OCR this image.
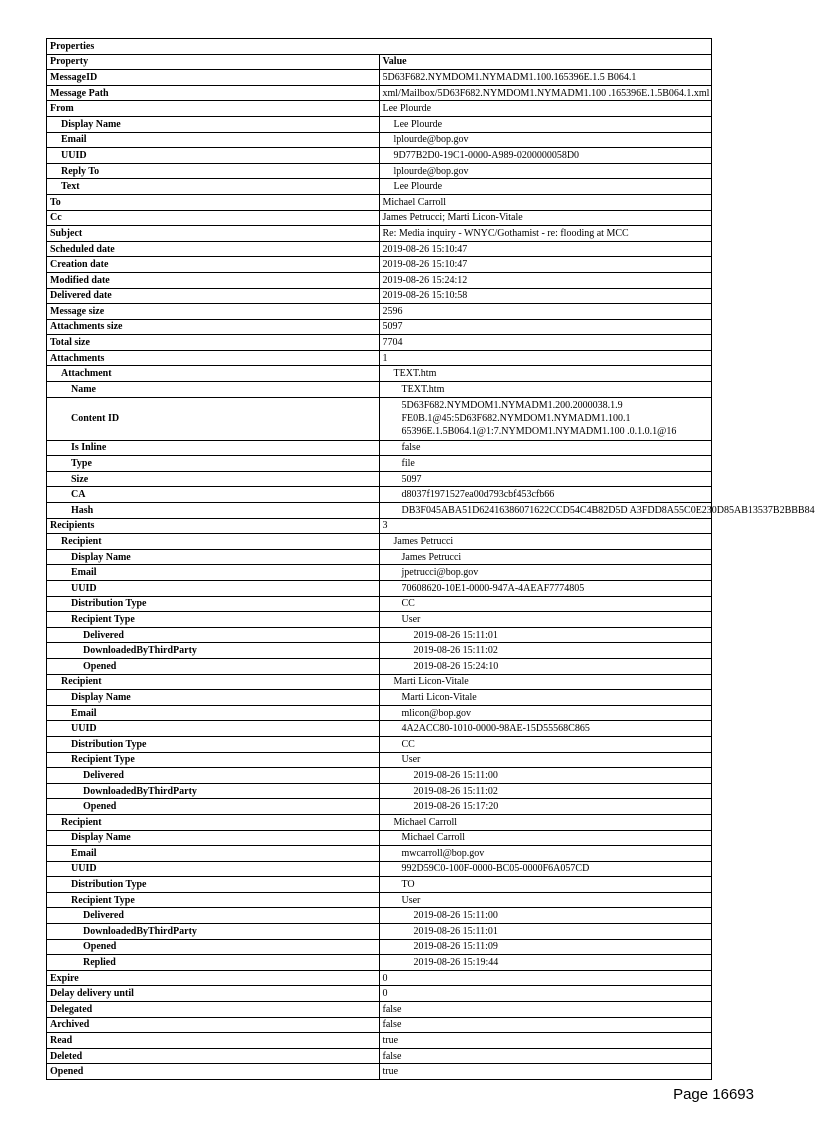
Properties	
Property	Value
MessageID	5D63F682.NYMDOM1.NYMADM1.100.165396E.1.5 B064.1
Message Path	xml/Mailbox/5D63F682.NYMDOM1.NYMADM1.100 .165396E.1.5B064.1.xml
From	Lee Plourde
Display Name	Lee Plourde
Email	lplourde@bop.gov
UUID	9D77B2D0-19C1-0000-A989-0200000058D0
Reply To	lplourde@bop.gov
Text	Lee Plourde
To	Michael Carroll
Cc	James Petrucci; Marti Licon-Vitale
Subject	Re: Media inquiry - WNYC/Gothamist - re: flooding at MCC
Scheduled date	2019-08-26 15:10:47
Creation date	2019-08-26 15:10:47
Modified date	2019-08-26 15:24:12
Delivered date	2019-08-26 15:10:58
Message size	2596
Attachments size	5097
Total size	7704
Attachments	1
Attachment	TEXT.htm
Name	TEXT.htm
Content ID	5D63F682.NYMDOM1.NYMADM1.200.2000038.1.9 FE0B.1@45:5D63F682.NYMDOM1.NYMADM1.100.1 65396E.1.5B064.1@1:7.NYMDOM1.NYMADM1.100 .0.1.0.1@16
Is Inline	false
Type	file
Size	5097
CA	d8037f1971527ea00d793cbf453cfb66
Hash	DB3F045ABA51D62416386071622CCD54C4B82D5D A3FDD8A55C0E230D85AB13537B2BBB84
Recipients	3
Recipient	James Petrucci
Display Name	James Petrucci
Email	jpetrucci@bop.gov
UUID	70608620-10E1-0000-947A-4AEAF7774805
Distribution Type	CC
Recipient Type	User
Delivered	2019-08-26 15:11:01
DownloadedByThirdParty	2019-08-26 15:11:02
Opened	2019-08-26 15:24:10
Recipient	Marti Licon-Vitale
Display Name	Marti Licon-Vitale
Email	mlicon@bop.gov
UUID	4A2ACC80-1010-0000-98AE-15D55568C865
Distribution Type	CC
Recipient Type	User
Delivered	2019-08-26 15:11:00
DownloadedByThirdParty	2019-08-26 15:11:02
Opened	2019-08-26 15:17:20
Recipient	Michael Carroll
Display Name	Michael Carroll
Email	mwcarroll@bop.gov
UUID	992D59C0-100F-0000-BC05-0000F6A057CD
Distribution Type	TO
Recipient Type	User
Delivered	2019-08-26 15:11:00
DownloadedByThirdParty	2019-08-26 15:11:01
Opened	2019-08-26 15:11:09
Replied	2019-08-26 15:19:44
Expire	0
Delay delivery until	0
Delegated	false
Archived	false
Read	true
Deleted	false
Opened	true
Page 16693
